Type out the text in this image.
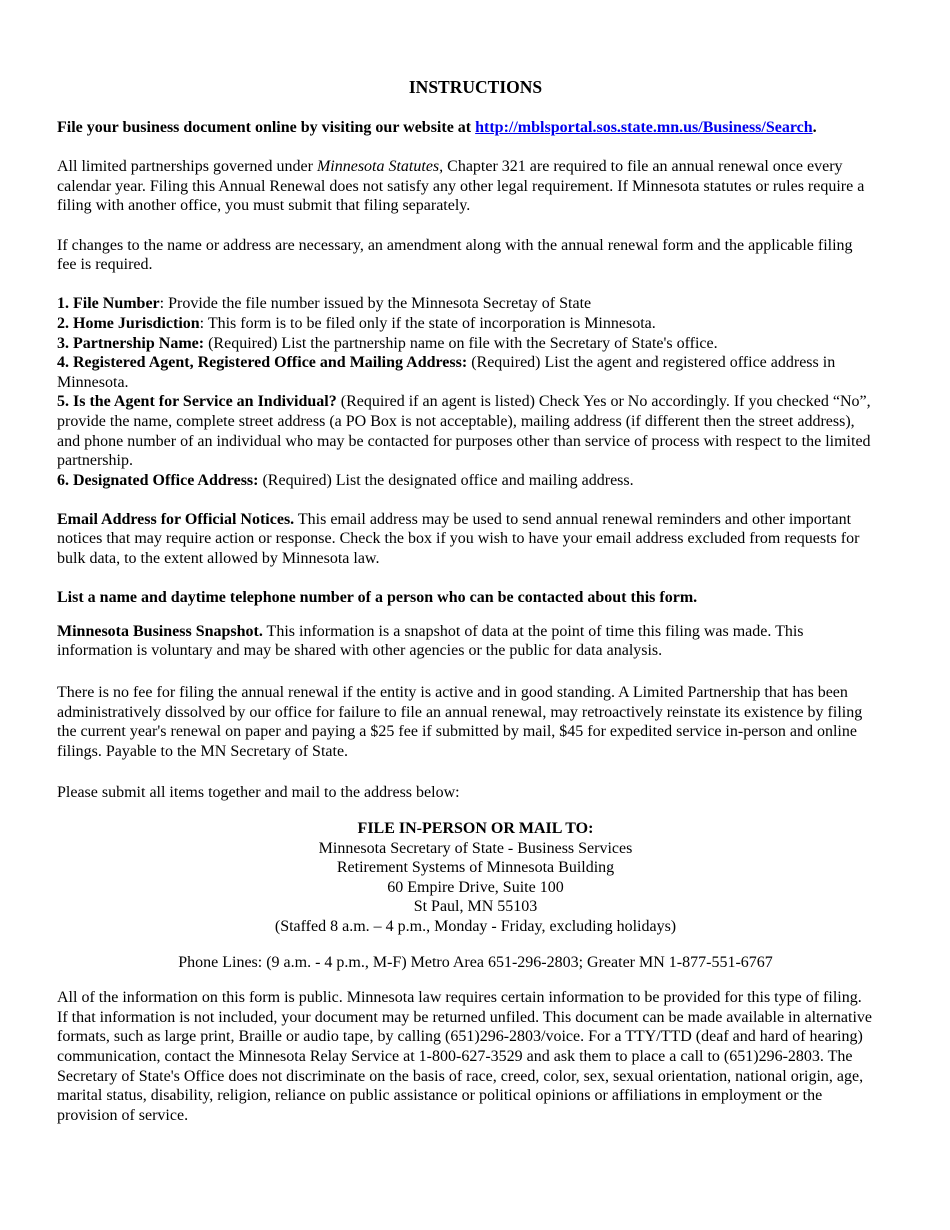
INSTRUCTIONS

File your business document online by visiting our website at http://mblsportal.sos.state.mn.us/Business/Search.

All limited partnerships governed under Minnesota Statutes, Chapter 321 are required to file an annual renewal once every calendar year. Filing this Annual Renewal does not satisfy any other legal requirement. If Minnesota statutes or rules require a filing with another office, you must submit that filing separately.

If changes to the name or address are necessary, an amendment along with the annual renewal form and the applicable filing fee is required.

1. File Number: Provide the file number issued by the Minnesota Secretay of State

2. Home Jurisdiction: This form is to be filed only if the state of incorporation is Minnesota.

3. Partnership Name: (Required) List the partnership name on file with the Secretary of State's office.

4. Registered Agent, Registered Office and Mailing Address: (Required) List the agent and registered office address in Minnesota.

5. Is the Agent for Service an Individual? (Required if an agent is listed) Check Yes or No accordingly. If you checked “No”, provide the name, complete street address (a PO Box is not acceptable), mailing address (if different then the street address), and phone number of an individual who may be contacted for purposes other than service of process with respect to the limited partnership.

6. Designated Office Address: (Required) List the designated office and mailing address.

Email Address for Official Notices. This email address may be used to send annual renewal reminders and other important notices that may require action or response. Check the box if you wish to have your email address excluded from requests for bulk data, to the extent allowed by Minnesota law.

List a name and daytime telephone number of a person who can be contacted about this form.

Minnesota Business Snapshot. This information is a snapshot of data at the point of time this filing was made. This information is voluntary and may be shared with other agencies or the public for data analysis.

There is no fee for filing the annual renewal if the entity is active and in good standing. A Limited Partnership that has been administratively dissolved by our office for failure to file an annual renewal, may retroactively reinstate its existence by filing the current year's renewal on paper and paying a $25 fee if submitted by mail, $45 for expedited service in-person and online filings. Payable to the MN Secretary of State.

Please submit all items together and mail to the address below:

FILE IN-PERSON OR MAIL TO:

Minnesota Secretary of State - Business Services

Retirement Systems of Minnesota Building

60 Empire Drive, Suite 100

St Paul, MN 55103

(Staffed 8 a.m. – 4 p.m., Monday - Friday, excluding holidays)

Phone Lines: (9 a.m. - 4 p.m., M-F) Metro Area 651-296-2803; Greater MN 1-877-551-6767

All of the information on this form is public. Minnesota law requires certain information to be provided for this type of filing. If that information is not included, your document may be returned unfiled. This document can be made available in alternative formats, such as large print, Braille or audio tape, by calling (651)296-2803/voice. For a TTY/TTD (deaf and hard of hearing) communication, contact the Minnesota Relay Service at 1-800-627-3529 and ask them to place a call to (651)296-2803. The Secretary of State's Office does not discriminate on the basis of race, creed, color, sex, sexual orientation, national origin, age, marital status, disability, religion, reliance on public assistance or political opinions or affiliations in employment or the provision of service.
